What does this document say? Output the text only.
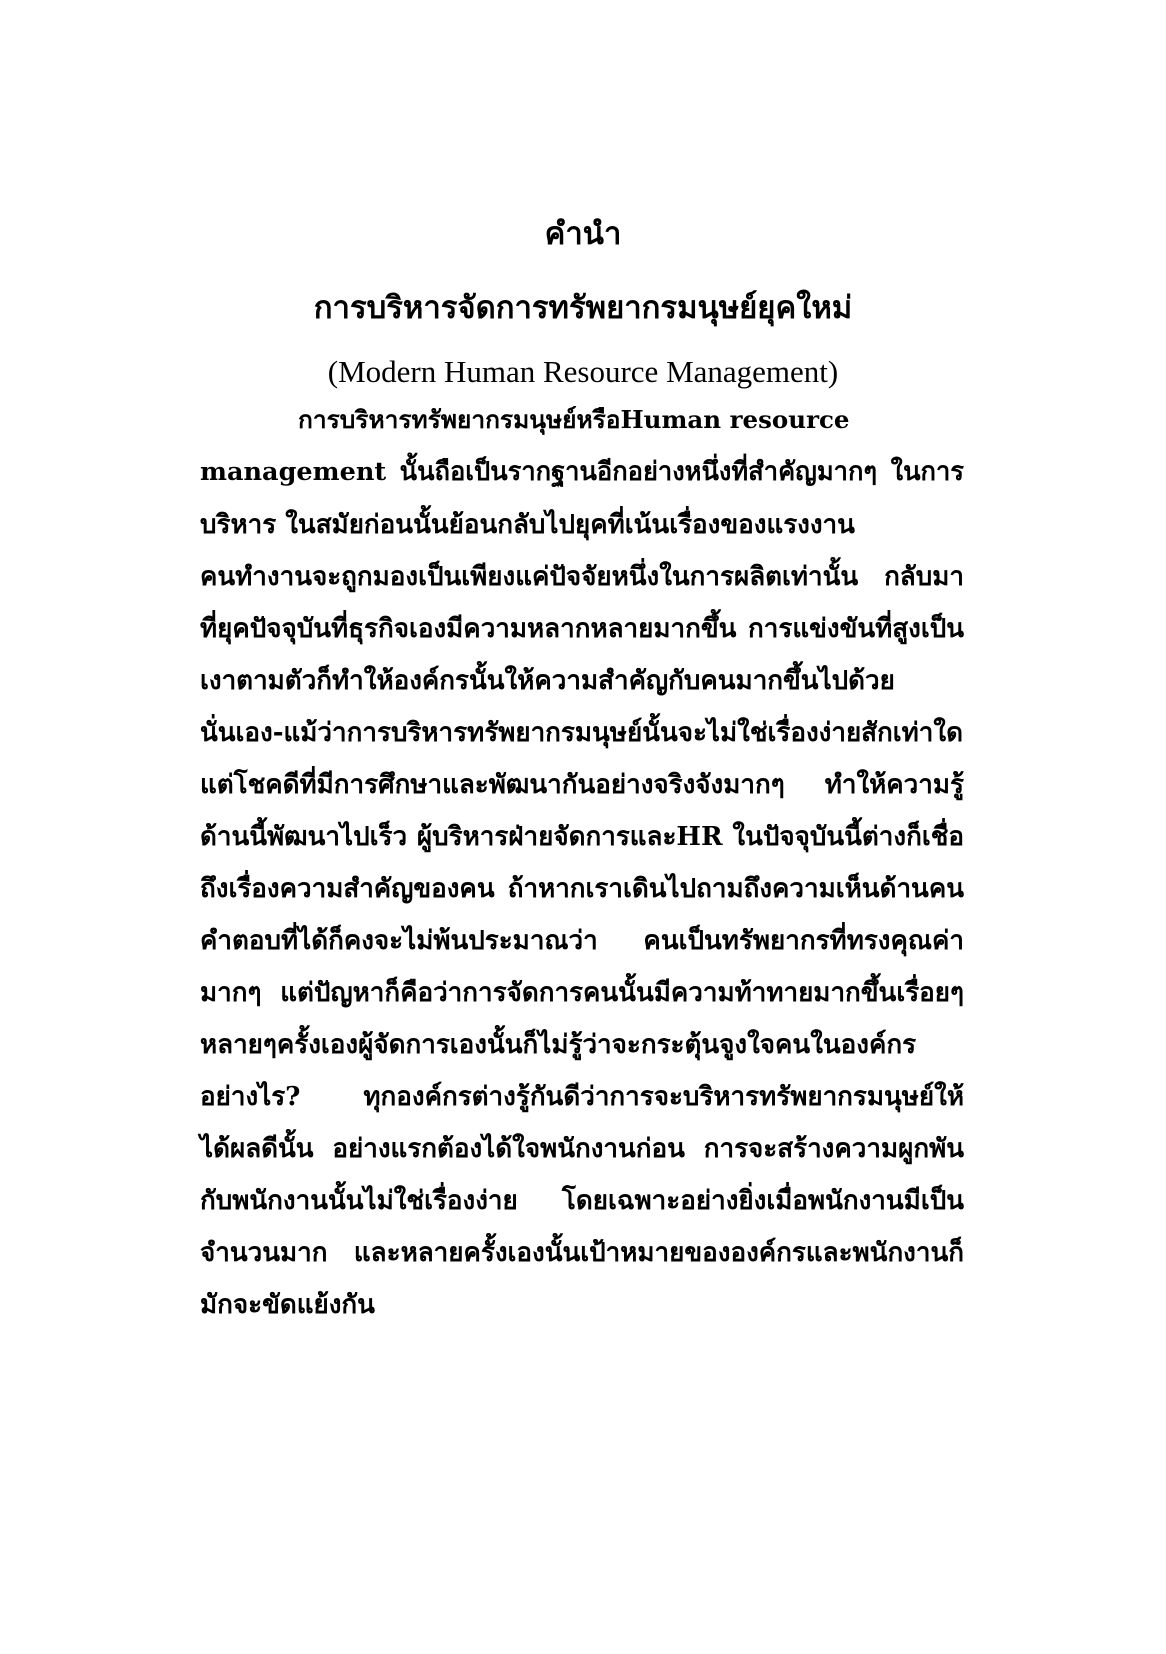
คำนำ
การบริหารจัดการทรัพยากรมนุษย์ยุคใหม่
(Modern Human Resource Management)
การบริหารทรัพยากรมนุษย์หรือHuman resource
management นั้นถือเป็นรากฐานอีกอย่างหนึ่งที่สำคัญมากๆ ในการ
บริหาร ในสมัยก่อนนั้นย้อนกลับไปยุคที่เน้นเรื่องของแรงงาน
คนทำงานจะถูกมองเป็นเพียงแค่ปัจจัยหนึ่งในการผลิตเท่านั้น กลับมา
ที่ยุคปัจจุบันที่ธุรกิจเองมีความหลากหลายมากขึ้น การแข่งขันที่สูงเป็น
เงาตามตัวก็ทำให้องค์กรนั้นให้ความสำคัญกับคนมากขึ้นไปด้วย
นั่นเอง-แม้ว่าการบริหารทรัพยากรมนุษย์นั้นจะไม่ใช่เรื่องง่ายสักเท่าใด
แต่โชคดีที่มีการศึกษาและพัฒนากันอย่างจริงจังมากๆ ทำให้ความรู้
ด้านนี้พัฒนาไปเร็ว ผู้บริหารฝ่ายจัดการและHR ในปัจจุบันนี้ต่างก็เชื่อ
ถึงเรื่องความสำคัญของคน ถ้าหากเราเดินไปถามถึงความเห็นด้านคน
คำตอบที่ได้ก็คงจะไม่พ้นประมาณว่า คนเป็นทรัพยากรที่ทรงคุณค่า
มากๆ แต่ปัญหาก็คือว่าการจัดการคนนั้นมีความท้าทายมากขึ้นเรื่อยๆ
หลายๆครั้งเองผู้จัดการเองนั้นก็ไม่รู้ว่าจะกระตุ้นจูงใจคนในองค์กร
อย่างไร? ทุกองค์กรต่างรู้กันดีว่าการจะบริหารทรัพยากรมนุษย์ให้
ได้ผลดีนั้น อย่างแรกต้องได้ใจพนักงานก่อน การจะสร้างความผูกพัน
กับพนักงานนั้นไม่ใช่เรื่องง่าย โดยเฉพาะอย่างยิ่งเมื่อพนักงานมีเป็น
จำนวนมาก และหลายครั้งเองนั้นเป้าหมายขององค์กรและพนักงานก็
มักจะขัดแย้งกัน
